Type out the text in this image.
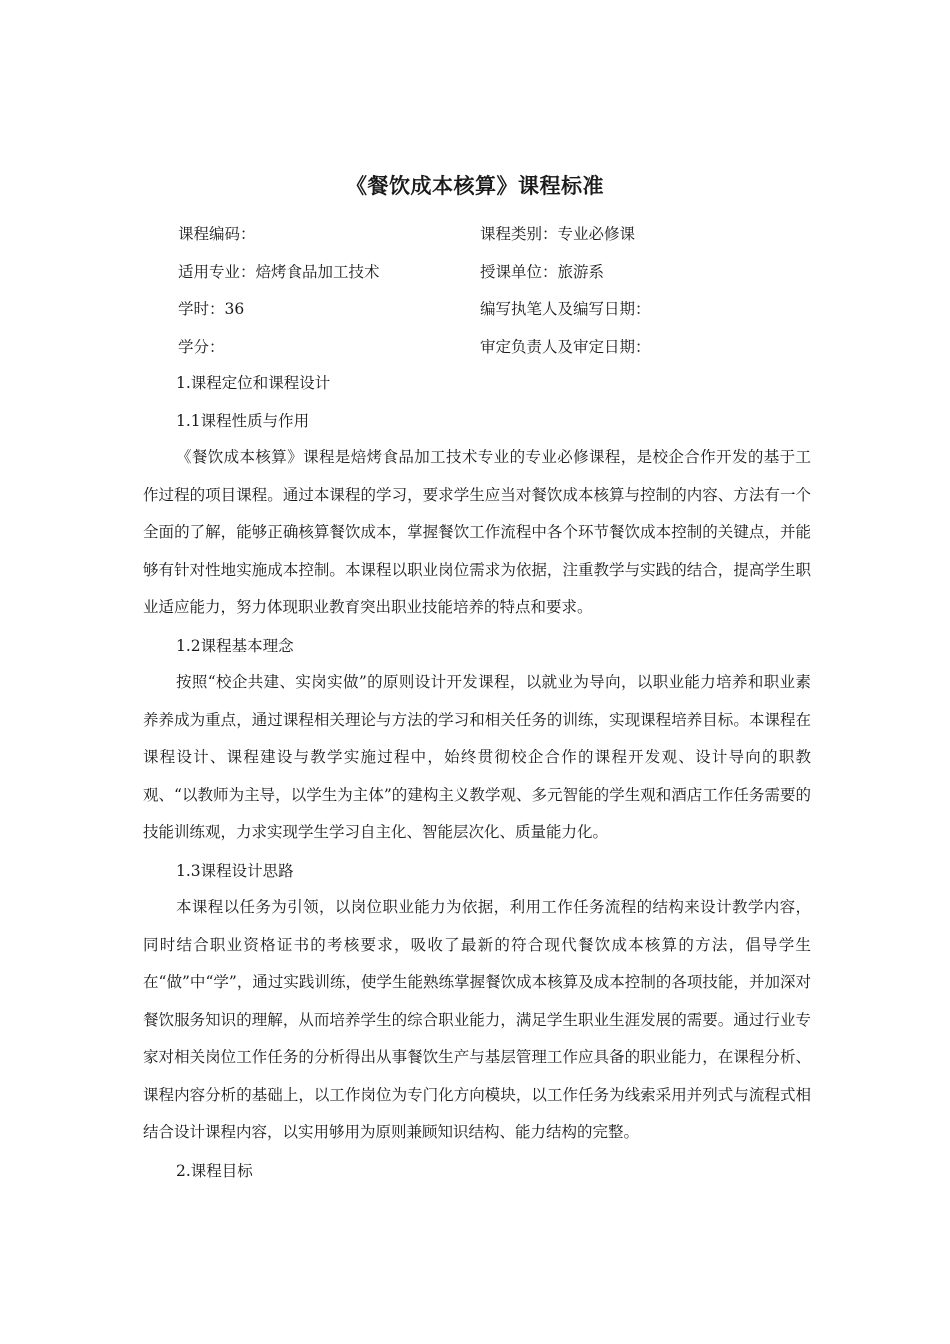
《餐饮成本核算》课程标准
课程编码：	课程类别：专业必修课
适用专业：焙烤食品加工技术	授课单位：旅游系
学时：36	编写执笔人及编写日期：
学分：	审定负责人及审定日期：
1.课程定位和课程设计
1.1课程性质与作用

《餐饮成本核算》课程是焙烤食品加工技术专业的专业必修课程，是校企合作开发的基于工作过程的项目课程。通过本课程的学习，要求学生应当对餐饮成本核算与控制的内容、方法有一个全面的了解，能够正确核算餐饮成本，掌握餐饮工作流程中各个环节餐饮成本控制的关键点，并能够有针对性地实施成本控制。本课程以职业岗位需求为依据，注重教学与实践的结合，提高学生职业适应能力，努力体现职业教育突出职业技能培养的特点和要求。

1.2课程基本理念

按照“校企共建、实岗实做”的原则设计开发课程，以就业为导向，以职业能力培养和职业素养养成为重点，通过课程相关理论与方法的学习和相关任务的训练，实现课程培养目标。本课程在课程设计、课程建设与教学实施过程中，始终贯彻校企合作的课程开发观、设计导向的职教观、“以教师为主导，以学生为主体”的建构主义教学观、多元智能的学生观和酒店工作任务需要的技能训练观，力求实现学生学习自主化、智能层次化、质量能力化。

1.3课程设计思路

本课程以任务为引领，以岗位职业能力为依据，利用工作任务流程的结构来设计教学内容，同时结合职业资格证书的考核要求，吸收了最新的符合现代餐饮成本核算的方法，倡导学生在“做”中“学”，通过实践训练，使学生能熟练掌握餐饮成本核算及成本控制的各项技能，并加深对餐饮服务知识的理解，从而培养学生的综合职业能力，满足学生职业生涯发展的需要。通过行业专家对相关岗位工作任务的分析得出从事餐饮生产与基层管理工作应具备的职业能力，在课程分析、课程内容分析的基础上，以工作岗位为专门化方向模块，以工作任务为线索采用并列式与流程式相结合设计课程内容，以实用够用为原则兼顾知识结构、能力结构的完整。

2.课程目标
